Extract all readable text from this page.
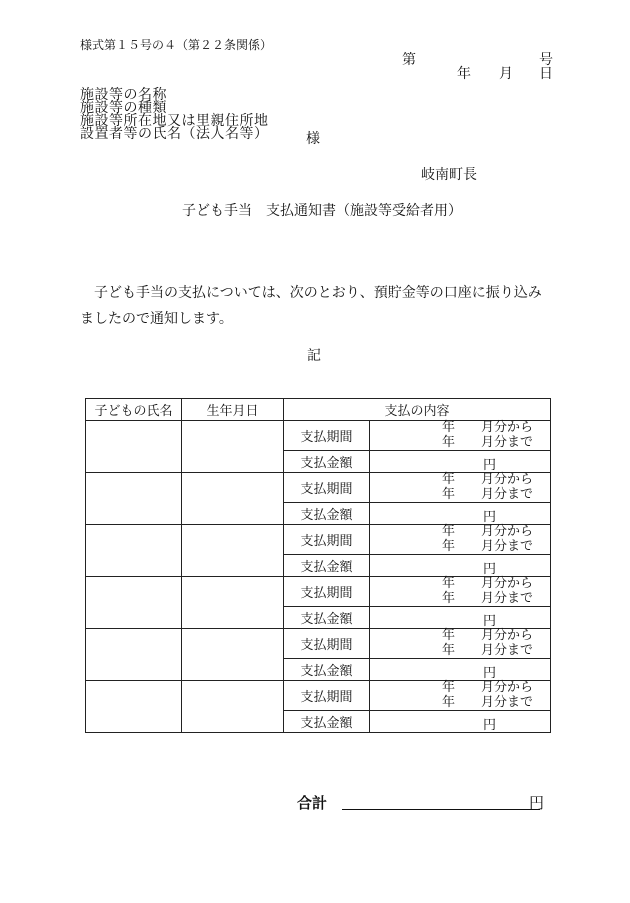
様式第１５号の４（第２２条関係）
第	号
年 月 日
施設等の名称
施設等の種類
施設等所在地又は里親住所地
設置者等の氏名（法人名等）	様
岐南町長
子ども手当　支払通知書（施設等受給者用）
　子ども手当の支払については、次のとおり、預貯金等の口座に振り込みましたので通知します。
記
子どもの氏名	生年月日	支払の内容	
		支払期間	年　　月分から
年　　月分まで

		支払金額	円

		支払期間	年　　月分から
年　　月分まで

		支払金額	円

		支払期間	年　　月分から
年　　月分まで

		支払金額	円

		支払期間	年　　月分から
年　　月分まで

		支払金額	円

		支払期間	年　　月分から
年　　月分まで

		支払金額	円

		支払期間	年　　月分から
年　　月分まで

		支払金額	円
合計	円
